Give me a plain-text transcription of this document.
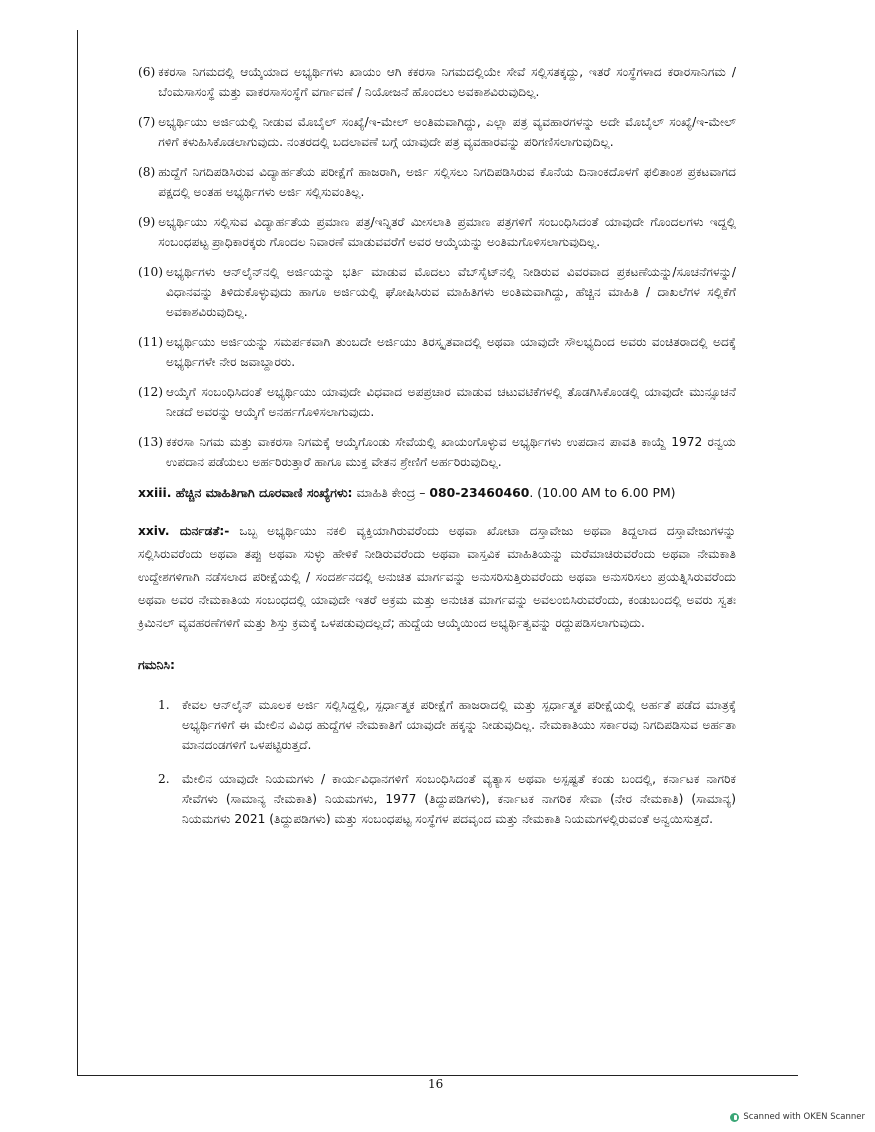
(6) ಕಕರಸಾ ನಿಗಮದಲ್ಲಿ ಆಯ್ಕೆಯಾದ ಅಭ್ಯರ್ಥಿಗಳು ಖಾಯಂ ಆಗಿ ಕಕರಸಾ ನಿಗಮದಲ್ಲಿಯೇ ಸೇವೆ ಸಲ್ಲಿಸತಕ್ಕದ್ದು, ಇತರೆ ಸಂಸ್ಥೆಗಳಾದ ಕರಾರಸಾನಿಗಮ / ಬೆಂಮಸಾಸಂಸ್ಥೆ ಮತ್ತು ವಾಕರಸಾಸಂಸ್ಥೆಗೆ ವರ್ಗಾವಣೆ / ನಿಯೋಜನೆ ಹೊಂದಲು ಅವಕಾಶವಿರುವುದಿಲ್ಲ.
(7) ಅಭ್ಯರ್ಥಿಯು ಅರ್ಜಿಯಲ್ಲಿ ನೀಡುವ ಮೊಬೈಲ್ ಸಂಖ್ಯೆ/ಇ-ಮೇಲ್ ಅಂತಿಮವಾಗಿದ್ದು, ಎಲ್ಲಾ ಪತ್ರ ವ್ಯವಹಾರಗಳನ್ನು ಅದೇ ಮೊಬೈಲ್ ಸಂಖ್ಯೆ/ಇ-ಮೇಲ್ ಗಳಿಗೆ ಕಳುಹಿಸಿಕೊಡಲಾಗುವುದು. ನಂತರದಲ್ಲಿ ಬದಲಾವಣೆ ಬಗ್ಗೆ ಯಾವುದೇ ಪತ್ರ ವ್ಯವಹಾರವನ್ನು ಪರಿಗಣಿಸಲಾಗುವುದಿಲ್ಲ.
(8) ಹುದ್ದೆಗೆ ನಿಗದಿಪಡಿಸಿರುವ ವಿದ್ಯಾರ್ಹತೆಯ ಪರೀಕ್ಷೆಗೆ ಹಾಜರಾಗಿ, ಅರ್ಜಿ ಸಲ್ಲಿಸಲು ನಿಗದಿಪಡಿಸಿರುವ ಕೊನೆಯ ದಿನಾಂಕದೊಳಗೆ ಫಲಿತಾಂಶ ಪ್ರಕಟವಾಗದ ಪಕ್ಷದಲ್ಲಿ ಅಂತಹ ಅಭ್ಯರ್ಥಿಗಳು ಅರ್ಜಿ ಸಲ್ಲಿಸುವಂತಿಲ್ಲ.
(9) ಅಭ್ಯರ್ಥಿಯು ಸಲ್ಲಿಸುವ ವಿದ್ಯಾರ್ಹತೆಯ ಪ್ರಮಾಣ ಪತ್ರ/ಇನ್ನಿತರೆ ಮೀಸಲಾತಿ ಪ್ರಮಾಣ ಪತ್ರಗಳಿಗೆ ಸಂಬಂಧಿಸಿದಂತೆ ಯಾವುದೇ ಗೊಂದಲಗಳು ಇದ್ದಲ್ಲಿ ಸಂಬಂಧಪಟ್ಟ ಪ್ರಾಧಿಕಾರಕ್ಕರು ಗೊಂದಲ ನಿವಾರಣೆ ಮಾಡುವವರೆಗೆ ಅವರ ಆಯ್ಕೆಯನ್ನು ಅಂತಿಮಗೊಳಿಸಲಾಗುವುದಿಲ್ಲ.
(10) ಅಭ್ಯರ್ಥಿಗಳು ಆನ್‌ಲೈನ್‌ನಲ್ಲಿ ಅರ್ಜಿಯನ್ನು ಭರ್ತಿ ಮಾಡುವ ಮೊದಲು ವೆಬ್‌ಸೈಟ್‌ನಲ್ಲಿ ನೀಡಿರುವ ವಿವರವಾದ ಪ್ರಕಟಣೆಯನ್ನು/ಸೂಚನೆಗಳನ್ನು/ವಿಧಾನವನ್ನು ತಿಳಿದುಕೊಳ್ಳುವುದು ಹಾಗೂ ಅರ್ಜಿಯಲ್ಲಿ ಘೋಷಿಸಿರುವ ಮಾಹಿತಿಗಳು ಅಂತಿಮವಾಗಿದ್ದು, ಹೆಚ್ಚಿನ ಮಾಹಿತಿ / ದಾಖಲೆಗಳ ಸಲ್ಲಿಕೆಗೆ ಅವಕಾಶವಿರುವುದಿಲ್ಲ.
(11) ಅಭ್ಯರ್ಥಿಯು ಅರ್ಜಿಯನ್ನು ಸಮರ್ಪಕವಾಗಿ ತುಂಬದೇ ಅರ್ಜಿಯು ತಿರಸ್ಕೃತವಾದಲ್ಲಿ ಅಥವಾ ಯಾವುದೇ ಸೌಲಭ್ಯದಿಂದ ಅವರು ವಂಚಿತರಾದಲ್ಲಿ ಅದಕ್ಕೆ ಅಭ್ಯರ್ಥಿಗಳೇ ನೇರ ಜವಾಬ್ದಾರರು.
(12) ಆಯ್ಕೆಗೆ ಸಂಬಂಧಿಸಿದಂತೆ ಅಭ್ಯರ್ಥಿಯು ಯಾವುದೇ ವಿಧವಾದ ಅಪಪ್ರಚಾರ ಮಾಡುವ ಚಟುವಟಿಕೆಗಳಲ್ಲಿ ತೊಡಗಿಸಿಕೊಂಡಲ್ಲಿ ಯಾವುದೇ ಮುನ್ಸೂಚನೆ ನೀಡದೆ ಅವರನ್ನು ಆಯ್ಕೆಗೆ ಅನರ್ಹಗೊಳಿಸಲಾಗುವುದು.
(13) ಕಕರಸಾ ನಿಗಮ ಮತ್ತು ವಾಕರಸಾ ನಿಗಮಕ್ಕೆ ಆಯ್ಕೆಗೊಂಡು ಸೇವೆಯಲ್ಲಿ ಖಾಯಂಗೊಳ್ಳುವ ಅಭ್ಯರ್ಥಿಗಳು ಉಪದಾನ ಪಾವತಿ ಕಾಯ್ದೆ 1972 ರನ್ವಯ ಉಪದಾನ ಪಡೆಯಲು ಅರ್ಹರಿರುತ್ತಾರೆ ಹಾಗೂ ಮುಕ್ತ ವೇತನ ಶ್ರೇಣಿಗೆ ಅರ್ಹರಿರುವುದಿಲ್ಲ.
xxiii. ಹೆಚ್ಚಿನ ಮಾಹಿತಿಗಾಗಿ ದೂರವಾಣಿ ಸಂಖ್ಯೆಗಳು: ಮಾಹಿತಿ ಕೇಂದ್ರ – 080-23460460. (10.00 AM to 6.00 PM)
xxiv. ದುರ್ನಡತೆ:- ಒಬ್ಬ ಅಭ್ಯರ್ಥಿಯು ನಕಲಿ ವ್ಯಕ್ತಿಯಾಗಿರುವರೆಂದು ಅಥವಾ ಖೋಟಾ ದಸ್ತಾವೇಜು ಅಥವಾ ತಿದ್ದಲಾದ ದಸ್ತಾವೇಜುಗಳನ್ನು ಸಲ್ಲಿಸಿರುವರೆಂದು ಅಥವಾ ತಪ್ಪು ಅಥವಾ ಸುಳ್ಳು ಹೇಳಿಕೆ ನೀಡಿರುವರೆಂದು ಅಥವಾ ವಾಸ್ತವಿಕ ಮಾಹಿತಿಯನ್ನು ಮರೆಮಾಚಿರುವರೆಂದು ಅಥವಾ ನೇಮಕಾತಿ ಉದ್ದೇಶಗಳಿಗಾಗಿ ನಡೆಸಲಾದ ಪರೀಕ್ಷೆಯಲ್ಲಿ / ಸಂದರ್ಶನದಲ್ಲಿ ಅನುಚಿತ ಮಾರ್ಗವನ್ನು ಅನುಸರಿಸುತ್ತಿರುವರೆಂದು ಅಥವಾ ಅನುಸರಿಸಲು ಪ್ರಯತ್ನಿಸಿರುವರೆಂದು ಅಥವಾ ಅವರ ನೇಮಕಾತಿಯ ಸಂಬಂಧದಲ್ಲಿ ಯಾವುದೇ ಇತರೆ ಅಕ್ರಮ ಮತ್ತು ಅನುಚಿತ ಮಾರ್ಗವನ್ನು ಅವಲಂಬಿಸಿರುವರೆಂದು, ಕಂಡುಬಂದಲ್ಲಿ ಅವರು ಸ್ವತಃ ಕ್ರಿಮಿನಲ್ ವ್ಯವಹರಣೆಗಳಿಗೆ ಮತ್ತು ಶಿಸ್ತು ಕ್ರಮಕ್ಕೆ ಒಳಪಡುವುದಲ್ಲದೆ; ಹುದ್ದೆಯ ಆಯ್ಕೆಯಿಂದ ಅಭ್ಯರ್ಥಿತ್ವವನ್ನು ರದ್ದುಪಡಿಸಲಾಗುವುದು.
ಗಮನಿಸಿ:
1.	ಕೇವಲ ಆನ್‌ಲೈನ್ ಮೂಲಕ ಅರ್ಜಿ ಸಲ್ಲಿಸಿದ್ದಲ್ಲಿ, ಸ್ಪರ್ಧಾತ್ಮಕ ಪರೀಕ್ಷೆಗೆ ಹಾಜರಾದಲ್ಲಿ ಮತ್ತು ಸ್ಪರ್ಧಾತ್ಮಕ ಪರೀಕ್ಷೆಯಲ್ಲಿ ಅರ್ಹತೆ ಪಡೆದ ಮಾತ್ರಕ್ಕೆ ಅಭ್ಯರ್ಥಿಗಳಿಗೆ ಈ ಮೇಲಿನ ವಿವಿಧ ಹುದ್ದೆಗಳ ನೇಮಕಾತಿಗೆ ಯಾವುದೇ ಹಕ್ಕನ್ನು ನೀಡುವುದಿಲ್ಲ. ನೇಮಕಾತಿಯು ಸರ್ಕಾರವು ನಿಗದಿಪಡಿಸುವ ಅರ್ಹತಾ ಮಾನದಂಡಗಳಿಗೆ ಒಳಪಟ್ಟಿರುತ್ತದೆ.
2.	ಮೇಲಿನ ಯಾವುದೇ ನಿಯಮಗಳು / ಕಾರ್ಯವಿಧಾನಗಳಿಗೆ ಸಂಬಂಧಿಸಿದಂತೆ ವ್ಯತ್ಯಾಸ ಅಥವಾ ಅಸ್ಪಷ್ಟತೆ ಕಂಡು ಬಂದಲ್ಲಿ, ಕರ್ನಾಟಕ ನಾಗರಿಕ ಸೇವೆಗಳು (ಸಾಮಾನ್ಯ ನೇಮಕಾತಿ) ನಿಯಮಗಳು, 1977 (ತಿದ್ದುಪಡಿಗಳು), ಕರ್ನಾಟಕ ನಾಗರಿಕ ಸೇವಾ (ನೇರ ನೇಮಕಾತಿ) (ಸಾಮಾನ್ಯ) ನಿಯಮಗಳು 2021 (ತಿದ್ದುಪಡಿಗಳು) ಮತ್ತು ಸಂಬಂಧಪಟ್ಟ ಸಂಸ್ಥೆಗಳ ಪದವೃಂದ ಮತ್ತು ನೇಮಕಾತಿ ನಿಯಮಗಳಲ್ಲಿರುವಂತೆ ಅನ್ವಯಿಸುತ್ತದೆ.
16
Scanned with OKEN Scanner
